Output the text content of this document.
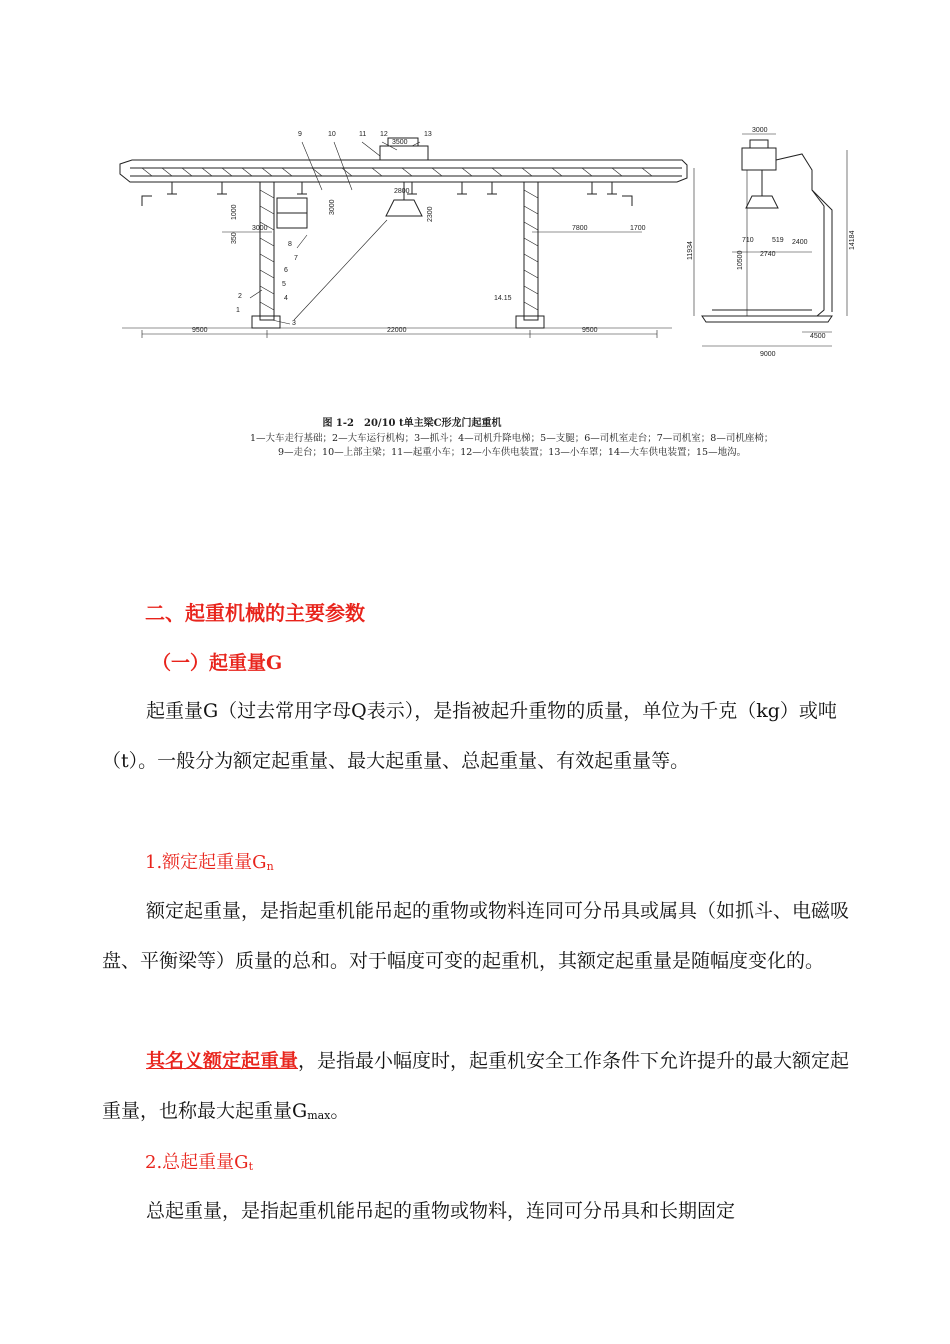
9	10	11 12	13
3500
2800
1000	3000	2300
3000
350
7800	1700
9500	22000	9500
8
7
6
5
4
2
1
3
14.15
3000
710	519 2400
2740
10500
11934
14184
4500
9000
图 1-2　20/10 t单主梁C形龙门起重机
1—大车走行基础；2—大车运行机构；3—抓斗；4—司机升降电梯；5—支腿；6—司机室走台；7—司机室；8—司机座椅；
9—走台；10—上部主梁；11—起重小车；12—小车供电装置；13—小车罩；14—大车供电装置；15—地沟。
二、起重机械的主要参数
（一）起重量G

起重量G（过去常用字母Q表示），是指被起升重物的质量，单位为千克（kg）或吨（t）。一般分为额定起重量、最大起重量、总起重量、有效起重量等。

1.额定起重量$G_n$

额定起重量，是指起重机能吊起的重物或物料连同可分吊具或属具（如抓斗、电磁吸盘、平衡梁等）质量的总和。对于幅度可变的起重机，其额定起重量是随幅度变化的。

其名义额定起重量，是指最小幅度时，起重机安全工作条件下允许提升的最大额定起重量，也称最大起重量$G_{max}$。

2.总起重量$G_t$

总起重量，是指起重机能吊起的重物或物料，连同可分吊具和长期固定
